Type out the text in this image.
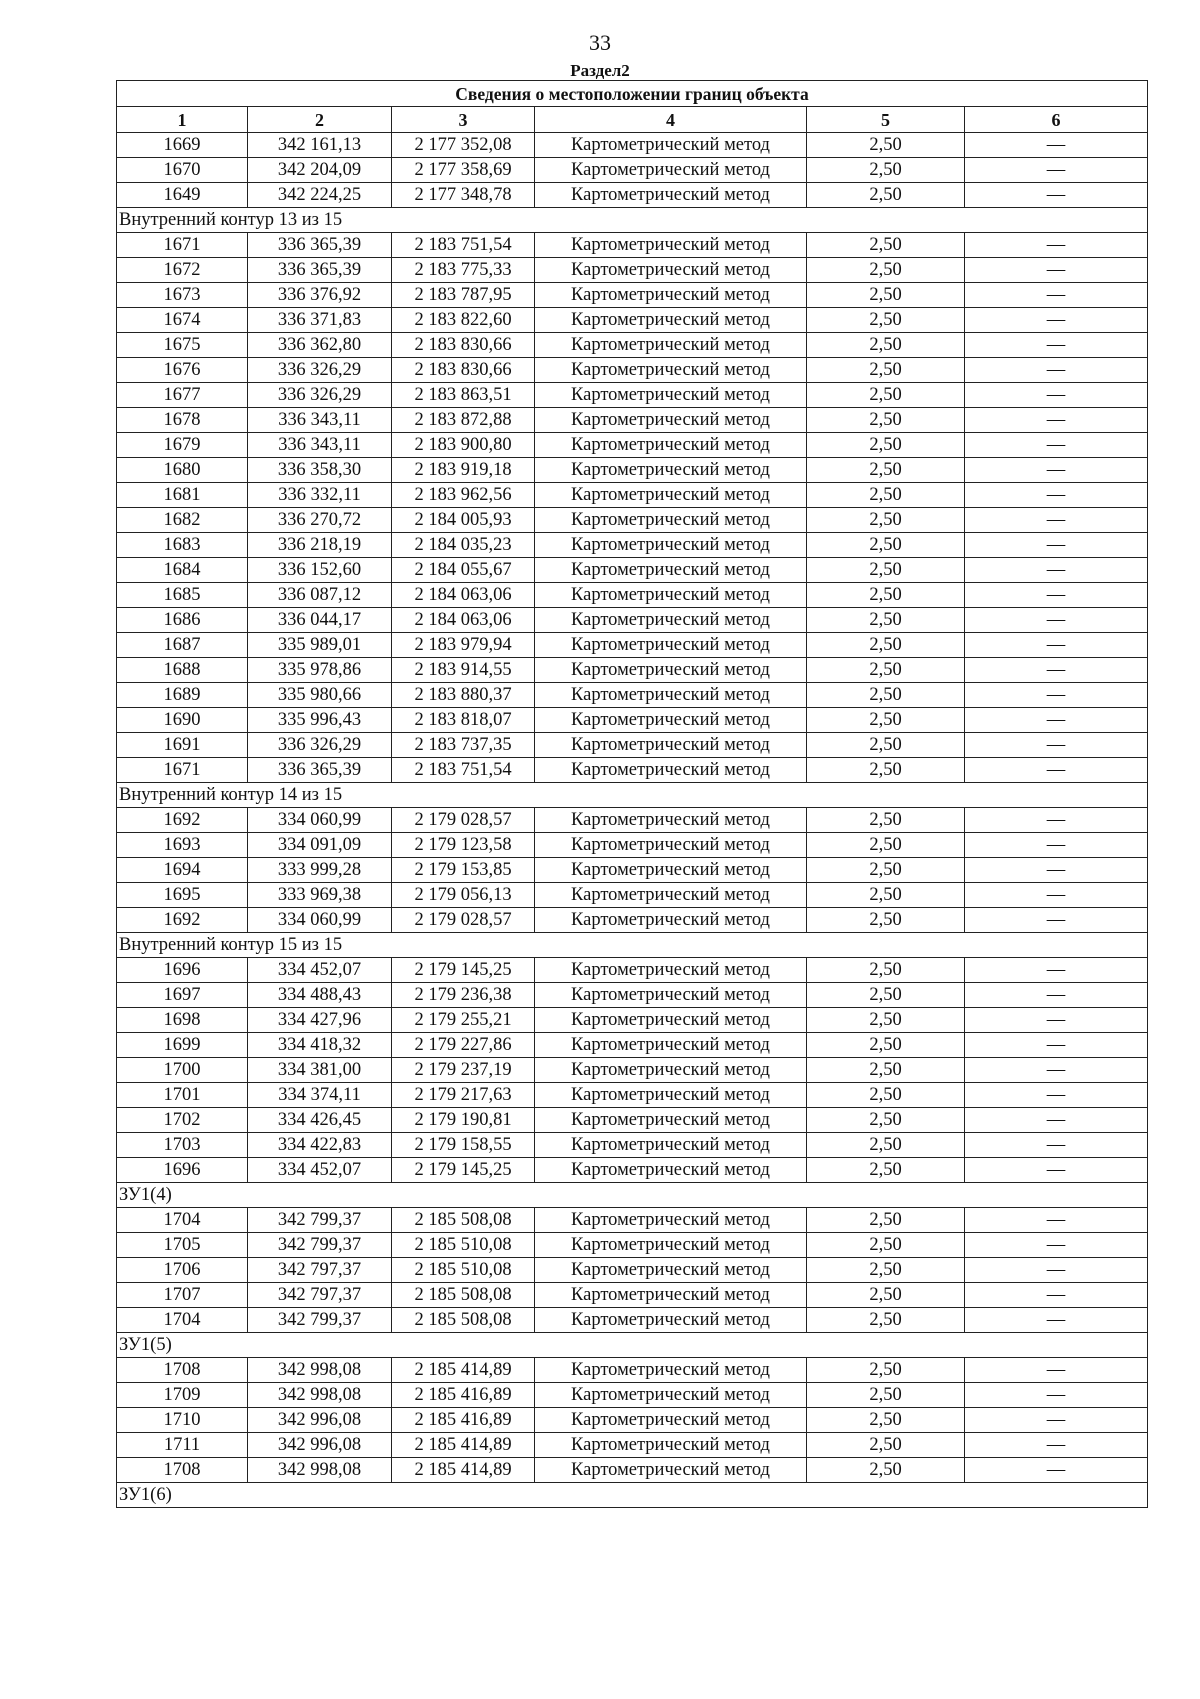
33
Раздел2
Сведения о местоположении границ объекта					
1	2	3	4	5	6
1669	342 161,13	2 177 352,08	Картометрический метод	2,50	—
1670	342 204,09	2 177 358,69	Картометрический метод	2,50	—
1649	342 224,25	2 177 348,78	Картометрический метод	2,50	—
Внутренний контур 13 из 15					
1671	336 365,39	2 183 751,54	Картометрический метод	2,50	—
1672	336 365,39	2 183 775,33	Картометрический метод	2,50	—
1673	336 376,92	2 183 787,95	Картометрический метод	2,50	—
1674	336 371,83	2 183 822,60	Картометрический метод	2,50	—
1675	336 362,80	2 183 830,66	Картометрический метод	2,50	—
1676	336 326,29	2 183 830,66	Картометрический метод	2,50	—
1677	336 326,29	2 183 863,51	Картометрический метод	2,50	—
1678	336 343,11	2 183 872,88	Картометрический метод	2,50	—
1679	336 343,11	2 183 900,80	Картометрический метод	2,50	—
1680	336 358,30	2 183 919,18	Картометрический метод	2,50	—
1681	336 332,11	2 183 962,56	Картометрический метод	2,50	—
1682	336 270,72	2 184 005,93	Картометрический метод	2,50	—
1683	336 218,19	2 184 035,23	Картометрический метод	2,50	—
1684	336 152,60	2 184 055,67	Картометрический метод	2,50	—
1685	336 087,12	2 184 063,06	Картометрический метод	2,50	—
1686	336 044,17	2 184 063,06	Картометрический метод	2,50	—
1687	335 989,01	2 183 979,94	Картометрический метод	2,50	—
1688	335 978,86	2 183 914,55	Картометрический метод	2,50	—
1689	335 980,66	2 183 880,37	Картометрический метод	2,50	—
1690	335 996,43	2 183 818,07	Картометрический метод	2,50	—
1691	336 326,29	2 183 737,35	Картометрический метод	2,50	—
1671	336 365,39	2 183 751,54	Картометрический метод	2,50	—
Внутренний контур 14 из 15					
1692	334 060,99	2 179 028,57	Картометрический метод	2,50	—
1693	334 091,09	2 179 123,58	Картометрический метод	2,50	—
1694	333 999,28	2 179 153,85	Картометрический метод	2,50	—
1695	333 969,38	2 179 056,13	Картометрический метод	2,50	—
1692	334 060,99	2 179 028,57	Картометрический метод	2,50	—
Внутренний контур 15 из 15					
1696	334 452,07	2 179 145,25	Картометрический метод	2,50	—
1697	334 488,43	2 179 236,38	Картометрический метод	2,50	—
1698	334 427,96	2 179 255,21	Картометрический метод	2,50	—
1699	334 418,32	2 179 227,86	Картометрический метод	2,50	—
1700	334 381,00	2 179 237,19	Картометрический метод	2,50	—
1701	334 374,11	2 179 217,63	Картометрический метод	2,50	—
1702	334 426,45	2 179 190,81	Картометрический метод	2,50	—
1703	334 422,83	2 179 158,55	Картометрический метод	2,50	—
1696	334 452,07	2 179 145,25	Картометрический метод	2,50	—
ЗУ1(4)					
1704	342 799,37	2 185 508,08	Картометрический метод	2,50	—
1705	342 799,37	2 185 510,08	Картометрический метод	2,50	—
1706	342 797,37	2 185 510,08	Картометрический метод	2,50	—
1707	342 797,37	2 185 508,08	Картометрический метод	2,50	—
1704	342 799,37	2 185 508,08	Картометрический метод	2,50	—
ЗУ1(5)					
1708	342 998,08	2 185 414,89	Картометрический метод	2,50	—
1709	342 998,08	2 185 416,89	Картометрический метод	2,50	—
1710	342 996,08	2 185 416,89	Картометрический метод	2,50	—
1711	342 996,08	2 185 414,89	Картометрический метод	2,50	—
1708	342 998,08	2 185 414,89	Картометрический метод	2,50	—
ЗУ1(6)					
